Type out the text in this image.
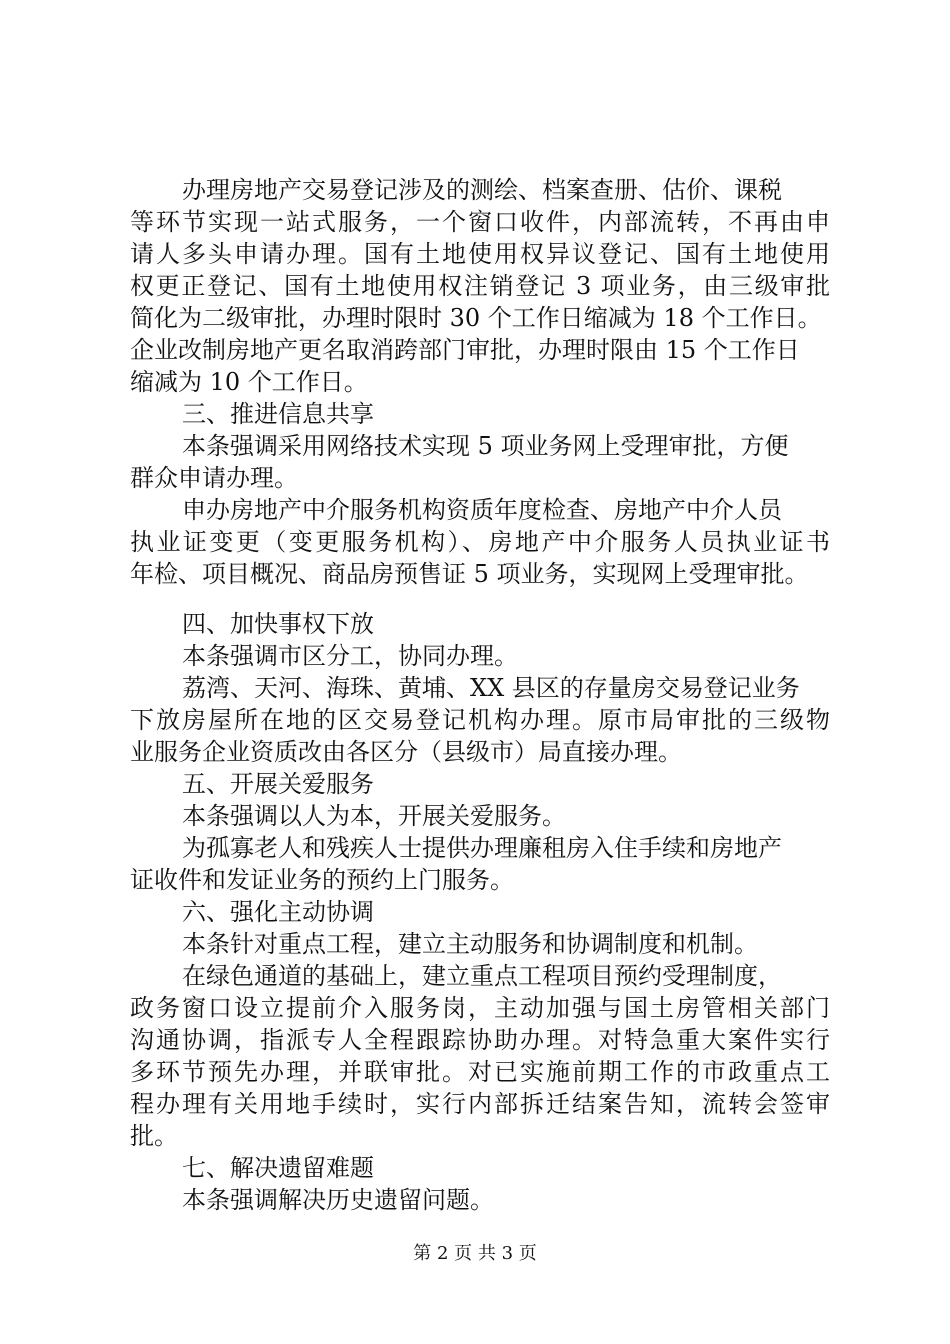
办理房地产交易登记涉及的测绘、档案查册、估价、课税
等环节实现一站式服务，一个窗口收件，内部流转，不再由申
请人多头申请办理。国有土地使用权异议登记、国有土地使用
权更正登记、国有土地使用权注销登记 3 项业务，由三级审批
简化为二级审批，办理时限时 30 个工作日缩减为 18 个工作日。
企业改制房地产更名取消跨部门审批，办理时限由 15 个工作日
缩减为 10 个工作日。
三、推进信息共享
本条强调采用网络技术实现 5 项业务网上受理审批，方便
群众申请办理。
申办房地产中介服务机构资质年度检查、房地产中介人员
执业证变更（变更服务机构）、房地产中介服务人员执业证书
年检、项目概况、商品房预售证 5 项业务，实现网上受理审批。
四、加快事权下放
本条强调市区分工，协同办理。
荔湾、天河、海珠、黄埔、XX 县区的存量房交易登记业务
下放房屋所在地的区交易登记机构办理。原市局审批的三级物
业服务企业资质改由各区分（县级市）局直接办理。
五、开展关爱服务
本条强调以人为本，开展关爱服务。
为孤寡老人和残疾人士提供办理廉租房入住手续和房地产
证收件和发证业务的预约上门服务。
六、强化主动协调
本条针对重点工程，建立主动服务和协调制度和机制。
在绿色通道的基础上，建立重点工程项目预约受理制度，
政务窗口设立提前介入服务岗，主动加强与国土房管相关部门
沟通协调，指派专人全程跟踪协助办理。对特急重大案件实行
多环节预先办理，并联审批。对已实施前期工作的市政重点工
程办理有关用地手续时，实行内部拆迁结案告知，流转会签审
批。
七、解决遗留难题
本条强调解决历史遗留问题。
第 2 页 共 3 页
